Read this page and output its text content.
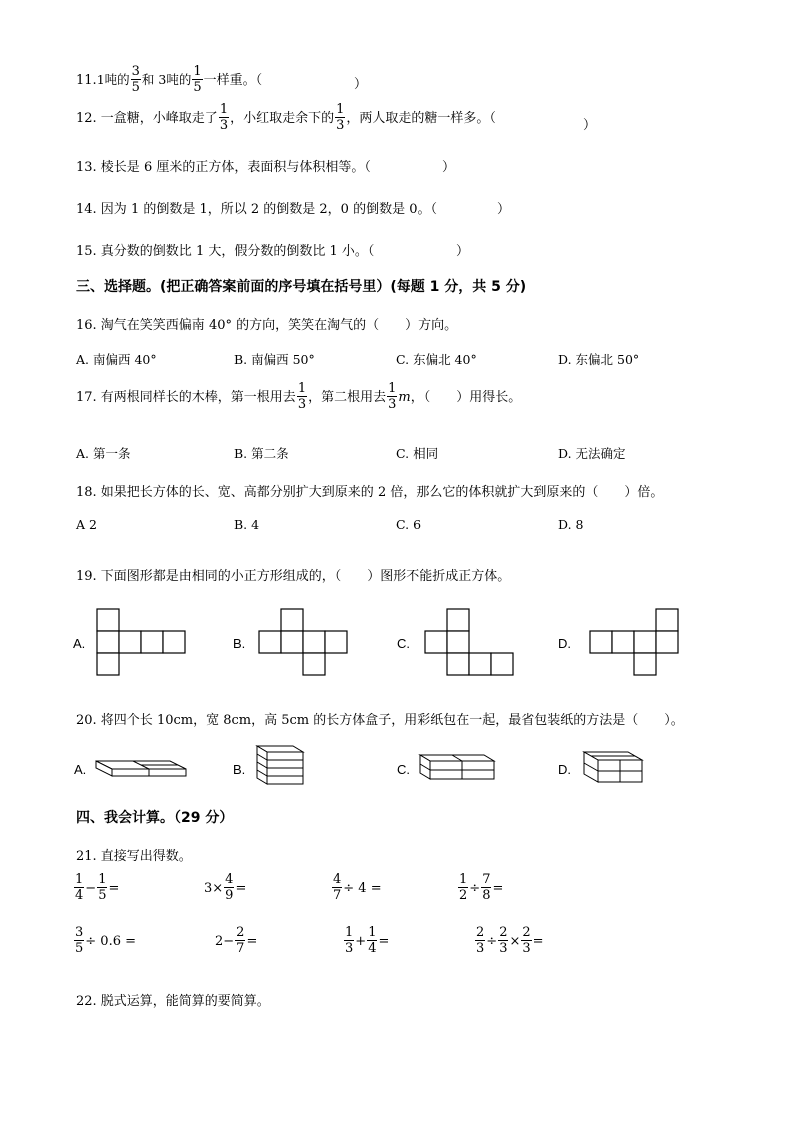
11.1吨的 $\frac{3}{5}$ 和 3吨的 $\frac{1}{5}$ 一样重。（	）
12. 一盒糖，小峰取走了 $\frac{1}{3}$ ，小红取走余下的 $\frac{1}{3}$ ，两人取走的糖一样多。（	）
13. 棱长是 6 厘米的正方体，表面积与体积相等。（	）
14. 因为 1 的倒数是 1，所以 2 的倒数是 2，0 的倒数是 0。（	）
15. 真分数的倒数比 1 大，假分数的倒数比 1 小。（	）
三、选择题。(把正确答案前面的序号填在括号里）(每题 1 分，共 5 分)
16. 淘气在笑笑西偏南 40° 的方向，笑笑在淘气的（　　）方向。
A. 南偏西 40°	B. 南偏西 50°	C. 东偏北 40°	D. 东偏北 50°
17. 有两根同样长的木棒，第一根用去 $\frac{1}{3}$ ，第二根用去 $\frac{1}{3}$ m，（　　）用得长。
A. 第一条	B. 第二条	C. 相同	D. 无法确定
18. 如果把长方体的长、宽、高都分别扩大到原来的 2 倍，那么它的体积就扩大到原来的（　　）倍。
A 2	B. 4	C. 6	D. 8
19. 下面图形都是由相同的小正方形组成的，（　　）图形不能折成正方体。
A.	B.	C.	D.
20. 将四个长 10cm，宽 8cm，高 5cm 的长方体盒子，用彩纸包在一起，最省包装纸的方法是（　　）。
A.	B.	C.	D.
四、我会计算。（29 分）
21. 直接写出得数。
$\frac{1}{4} - \frac{1}{5}$ =	$3\times \frac{4}{9}$ =	$\frac{4}{7} \div 4$ =	$\frac{1}{2} \div \frac{7}{8}$ =
$\frac{3}{5} \div 0.6$ =	$2- \frac{2}{7}$ =	$\frac{1}{3} + \frac{1}{4}$ =	$\frac{2}{3} \div \frac{2}{3} \times \frac{2}{3}$ =
22. 脱式运算，能简算的要简算。
